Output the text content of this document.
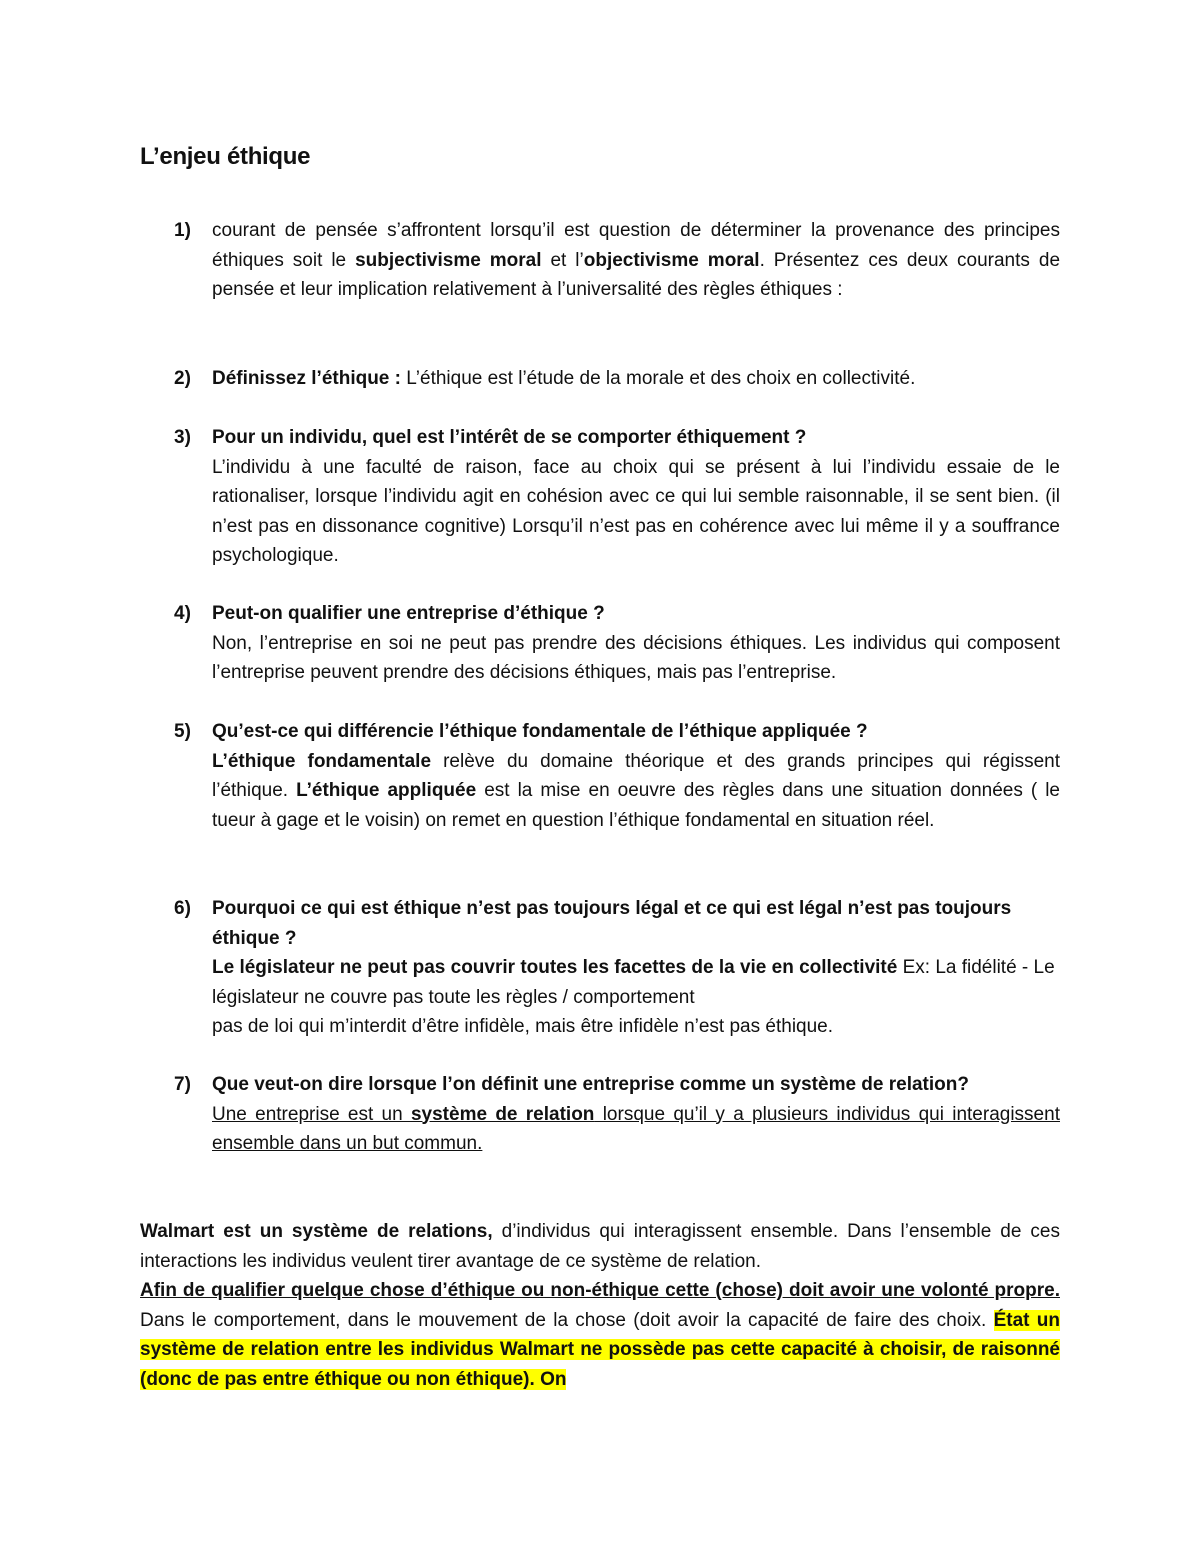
L’enjeu éthique
1) courant de pensée s’affrontent lorsqu’il est question de déterminer la provenance des principes éthiques soit le subjectivisme moral et l’objectivisme moral. Présentez ces deux courants de pensée et leur implication relativement à l’universalité des règles éthiques :
2) Définissez l’éthique : L’éthique est l’étude de la morale et des choix en collectivité.
3) Pour un individu, quel est l’intérêt de se comporter éthiquement ?
L’individu à une faculté de raison, face au choix qui se présent à lui l’individu essaie de le rationaliser, lorsque l’individu agit en cohésion avec ce qui lui semble raisonnable, il se sent bien. (il n’est pas en dissonance cognitive) Lorsqu’il n’est pas en cohérence avec lui même il y a souffrance psychologique.
4) Peut-on qualifier une entreprise d’éthique ?
Non, l’entreprise en soi ne peut pas prendre des décisions éthiques. Les individus qui composent l’entreprise peuvent prendre des décisions éthiques, mais pas l’entreprise.
5) Qu’est-ce qui différencie l’éthique fondamentale de l’éthique appliquée ?
L’éthique fondamentale relève du domaine théorique et des grands principes qui régissent l’éthique. L’éthique appliquée est la mise en oeuvre des règles dans une situation données ( le tueur à gage et le voisin) on remet en question l’éthique fondamental en situation réel.
6) Pourquoi ce qui est éthique n’est pas toujours légal et ce qui est légal n’est pas toujours éthique ?
Le législateur ne peut pas couvrir toutes les facettes de la vie en collectivité Ex: La fidélité - Le législateur ne couvre pas toute les règles / comportement
pas de loi qui m’interdit d’être infidèle, mais être infidèle n’est pas éthique.
7) Que veut-on dire lorsque l’on définit une entreprise comme un système de relation?
Une entreprise est un système de relation lorsque qu’il y a plusieurs individus qui interagissent ensemble dans un but commun.
Walmart est un système de relations, d’individus qui interagissent ensemble. Dans l’ensemble de ces interactions les individus veulent tirer avantage de ce système de relation.
Afin de qualifier quelque chose d’éthique ou non-éthique cette (chose) doit avoir une volonté propre. Dans le comportement, dans le mouvement de la chose (doit avoir la capacité de faire des choix. État un système de relation entre les individus Walmart ne possède pas cette capacité à choisir, de raisonné (donc de pas entre éthique ou non éthique). On
